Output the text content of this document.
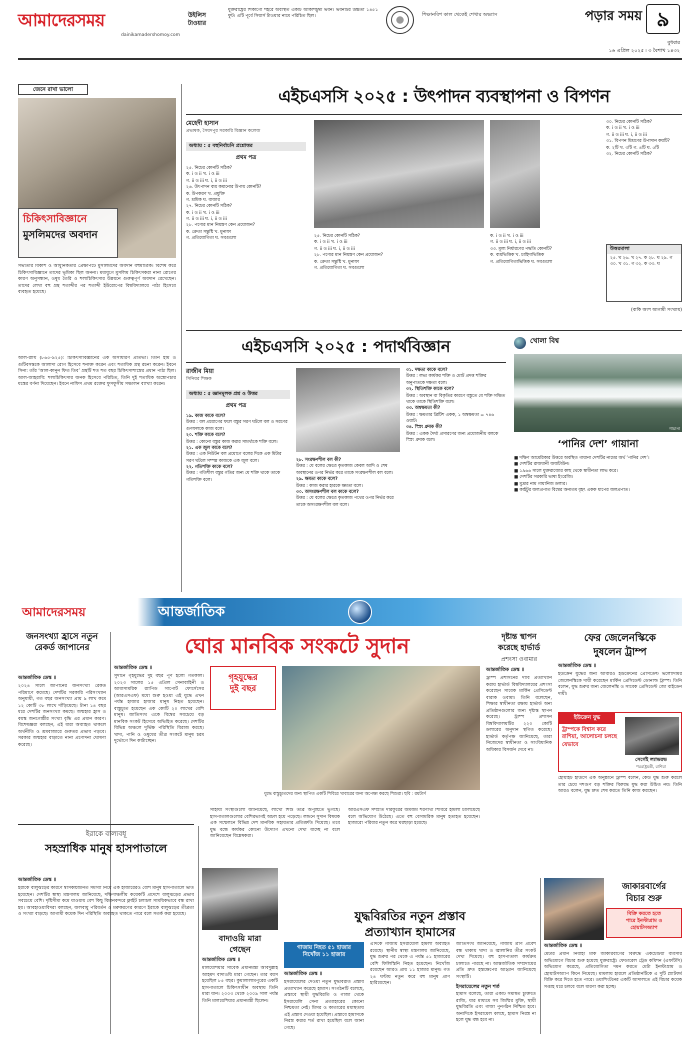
আমাদেরসময়
dainikamadershomoy.com
উইলিস টাওয়ার
যুক্তরাষ্ট্রের শিকাগো শহরে অবস্থিত একটি আকাশচুম্বী ভবন। ভবনটির উচ্চতা ১৪৫১ ফুট। এটি পূর্বে সিয়ার্স টাওয়ার নামে পরিচিত ছিল।	শিক্ষানবিশ কাল থেকেই শেখার অভ্যাস	পড়ার সময় ৯
বুধবার
১৬ এপ্রিল ২০২৫ ৷ ৩ বৈশাখ ১৪৩২
জেনে রাখা ভালো
চিকিৎসাবিজ্ঞানে
মুসলিমদের অবদান
সভ্যতার বিকাশ ও আধুনিকতার প্রেক্ষাপটে মুসলিমদের অবদান বহুমাত্রিক। বিশেষ করে চিকিৎসাবিজ্ঞানে তাদের ভূমিকা ছিল অনন্য। মধ্যযুগে মুসলিম চিকিৎসকরা নানা রোগের কারণ অনুসন্ধান, ওষুধ তৈরি ও শল্যচিকিৎসার উন্নয়নে গুরুত্বপূর্ণ অবদান রেখেছেন। তাদের লেখা বহু গ্রন্থ শতাব্দীর পর শতাব্দী ইউরোপের বিশ্ববিদ্যালয়ে পাঠ্য হিসেবে ব্যবহৃত হয়েছে।
আল-রাযি (৮৬৫-৯২৫): চিকিৎসাবিজ্ঞানের এক অসাধারণ প্রতিভা। তিনি হাম ও গুটিবসন্তকে আলাদা রোগ হিসেবে শনাক্ত করেন এবং শতাধিক গ্রন্থ রচনা করেন। ইবনে সিনা: তাঁর ‘আল-কানুন ফিত তিব’ গ্রন্থটি শত শত বছর চিকিৎসাশাস্ত্রের প্রধান পাঠ্য ছিল। আল-জাহরাবি: শল্যচিকিৎসার জনক হিসেবে পরিচিত, তিনি দুই শতাধিক অস্ত্রোপচার যন্ত্রের বর্ণনা দিয়েছেন। ইবনে নাফিস প্রথম রক্তের ফুসফুসীয় সঞ্চালন ব্যাখ্যা করেন।
এইচএসসি ২০২৫ : উৎপাদন ব্যবস্থাপনা ও বিপণন
মেহেদী হাসান
প্রভাষক, সৈয়দপুর সরকারি বিজ্ঞান কলেজ
অধ্যায় : ৫ বহুনির্বাচনি প্রশ্নোত্তর
প্রথম পত্র
২৫. নিচের কোনটি সঠিক?
ক. i ও ii খ. i ও iii
গ. ii ও iii ঘ. i, ii ও iii
২৬. উৎপাদন ব্যয় কমানোর উপায় কোনটি?
ক. উপকরণ খ. প্রযুক্তি
গ. শ্রমিক ঘ. বাজার
২৭. নিচের কোনটি সঠিক?
ক. i ও ii খ. i ও iii
গ. ii ও iii ঘ. i, ii ও iii
২৮. পণ্যের মান নিয়ন্ত্রণ কেন প্রয়োজন?
ক. ক্রেতা সন্তুষ্টি খ. মুনাফা
গ. প্রতিযোগিতা ঘ. সবগুলো	২৫. নিচের কোনটি সঠিক?
ক. i ও ii খ. i ও iii
গ. ii ও iii ঘ. i, ii ও iii
২৮. পণ্যের মান নিয়ন্ত্রণ কেন প্রয়োজন?
ক. ক্রেতা সন্তুষ্টি খ. মুনাফা
গ. প্রতিযোগিতা ঘ. সবগুলো
ক. i ও ii খ. i ও iii
গ. ii ও iii ঘ. i, ii ও iii
৩৩. মূল্য নির্ধারণের পদ্ধতি কোনটি?
ক. ব্যয়ভিত্তিক খ. চাহিদাভিত্তিক
গ. প্রতিযোগিতাভিত্তিক ঘ. সবগুলো
৩০. নিচের কোনটি সঠিক?
ক. i ও ii খ. i ও iii
গ. ii ও iii ঘ. i, ii ও iii
৩১. বিপণন মিশ্রণের উপাদান কয়টি?
ক. ২টি খ. ৩টি গ. ৪টি ঘ. ৫টি
৩২. নিচের কোনটি সঠিক?
উত্তরমালা
২৫. ঘ ২৬. খ ২৭. ক ২৮. ঘ ২৯. গ ৩০. খ ৩১. গ ৩২. ক ৩৩. ঘ
(বাকি অংশ আগামী সংখ্যায়)
এইচএসসি ২০২৫ : পদার্থবিজ্ঞান
রাজীব মিয়া
সিনিয়র শিক্ষক
অধ্যায় : ৫ জ্ঞানমূলক প্রশ্ন ও উত্তর
প্রথম পত্র
১৯. কাজ কাকে বলে?
উত্তর : বল প্রয়োগের ফলে বস্তুর সরণ ঘটলে বল ও সরণের গুণফলকে কাজ বলে।
২০. শক্তি কাকে বলে?
উত্তর : কোনো বস্তুর কাজ করার সামর্থ্যকে শক্তি বলে।
২১. এক জুল কাকে বলে?
উত্তর : এক নিউটন বল প্রয়োগে বলের দিকে এক মিটার সরণ ঘটলে সম্পন্ন কাজকে এক জুল বলে।
২২. গতিশক্তি কাকে বলে?
উত্তর : গতিশীল বস্তুর গতির জন্য যে শক্তি থাকে তাকে গতিশক্তি বলে।
২৮. সংরক্ষণশীল বল কী?
উত্তর : যে বলের ক্ষেত্রে কৃতকাজ কেবল আদি ও শেষ অবস্থানের ওপর নির্ভর করে তাকে সংরক্ষণশীল বল বলে।
২৯. ক্ষমতা কাকে বলে?
উত্তর : কাজ করার হারকে ক্ষমতা বলে।
৩০. অসংরক্ষণশীল বল কাকে বলে?
উত্তর : যে বলের ক্ষেত্রে কৃতকাজ পথের ওপর নির্ভর করে তাকে অসংরক্ষণশীল বল বলে।
৩১. দক্ষতা কাকে বলে?
উত্তর : লভ্য কার্যকর শক্তি ও মোট প্রদত্ত শক্তির অনুপাতকে দক্ষতা বলে।
৩২. স্থিতিশক্তি কাকে বলে?
উত্তর : অবস্থান বা বিকৃতির কারণে বস্তুতে যে শক্তি সঞ্চিত থাকে তাকে স্থিতিশক্তি বলে।
৩৩. অশ্বক্ষমতা কী?
উত্তর : ক্ষমতার ব্রিটিশ একক, ১ অশ্বক্ষমতা = ৭৪৬ ওয়াট।
৩৪. স্প্রিং ধ্রুবক কী?
উত্তর : একক দৈর্ঘ্য প্রসারণের জন্য প্রয়োজনীয় বলকে স্প্রিং ধ্রুবক বলে।
খোলা বিশ্ব
গায়ানা
‘পানির দেশ’ গায়ানা
■ দক্ষিণ আমেরিকার উত্তরে অবস্থিত গায়ানা দেশটির নামের অর্থ ‘পানির দেশ’।
■ দেশটির রাজধানী জর্জটাউন।
■ ১৯৬৬ সালে যুক্তরাজ্যের কাছ থেকে স্বাধীনতা লাভ করে।
■ দেশটির সরকারি ভাষা ইংরেজি।
■ মুদ্রার নাম গায়ানিজ ডলার।
■ কাইটুর জলপ্রপাত বিশ্বের অন্যতম বৃহৎ একক ধাপের জলপ্রপাত।
আমাদেরসময়	আন্তর্জাতিক
জনসংখ্যা হ্রাসে নতুন রেকর্ড জাপানের
আন্তর্জাতিক ডেস্ক ॥
২০২৪ সালে জাপানের জনসংখ্যা রেকর্ড পরিমাণে কমেছে। দেশটির সরকারি পরিসংখ্যান অনুযায়ী, গত বছর জনসংখ্যা প্রায় ৯ লাখ কমে ১২ কোটি ৩৮ লাখে দাঁড়িয়েছে। টানা ১৪ বছর ধরে দেশটির জনসংখ্যা কমছে। জন্মহার হ্রাস ও বয়স্ক জনগোষ্ঠীর সংখ্যা বৃদ্ধি এর প্রধান কারণ। বিশেষজ্ঞরা বলছেন, এই ধারা অব্যাহত থাকলে অর্থনীতি ও শ্রমবাজারে গুরুতর প্রভাব পড়বে। সরকার জন্মহার বাড়াতে নানা প্রণোদনা ঘোষণা করেছে।
ঘোর মানবিক সংকটে সুদান
আন্তর্জাতিক ডেস্ক ॥
সুদানে গৃহযুদ্ধের দুই বছর পূর্ণ হলো গতকাল। ২০২৩ সালের ১৫ এপ্রিল সেনাবাহিনী ও আধাসামরিক র‌্যাপিড সাপোর্ট ফোর্সেসের (আরএসএফ) মধ্যে শুরু হওয়া এই যুদ্ধে এখন পর্যন্ত হাজার হাজার মানুষ নিহত হয়েছেন। বাস্তুচ্যুত হয়েছেন এক কোটি ২০ লাখের বেশি মানুষ। জাতিসংঘ একে বিশ্বের সবচেয়ে বড় মানবিক সংকট হিসেবে অভিহিত করেছে। দেশটির বিভিন্ন অঞ্চলে দুর্ভিক্ষ পরিস্থিতি বিরাজ করছে। খাদ্য, পানি ও ওষুধের তীব্র সংকটে মানুষ চরম দুর্ভোগে দিন কাটাচ্ছেন।
গৃহযুদ্ধের
দুই বছর
যুদ্ধে বাস্তুচ্যুতদের জন্য স্থাপিত একটি শিবিরে খাবারের জন্য অপেক্ষা করছে শিশুরা। ছবি : রয়টার্স
সাহায্য সংস্থাগুলো জানিয়েছে, লাখো শিশু তীব্র অপুষ্টিতে ভুগছে। হাসপাতালগুলোর বেশিরভাগই অচল হয়ে পড়েছে। লন্ডনে সুদান বিষয়ক এক সম্মেলনে বিভিন্ন দেশ মানবিক সহায়তার প্রতিশ্রুতি দিয়েছে। তবে যুদ্ধ বন্ধে কার্যকর কোনো উদ্যোগ এখনো দেখা যাচ্ছে না বলে জানিয়েছেন বিশ্লেষকরা।
আরএসএফ সম্প্রতি দারফুরের জমজম শরণার্থী শিবিরে হামলা চালিয়েছে বলে অভিযোগ উঠেছে। এতে বহু বেসামরিক মানুষ হতাহত হয়েছেন। হাজারো পরিবার নতুন করে ঘরছাড়া হয়েছে।
দৃষ্টান্ত স্থাপন
করেছে হার্ভার্ড
প্রশংসা ওবামার
আন্তর্জাতিক ডেস্ক ॥
ট্রাম্প প্রশাসনের দাবি প্রত্যাখ্যান করায় হার্ভার্ড বিশ্ববিদ্যালয়ের প্রশংসা করেছেন সাবেক মার্কিন প্রেসিডেন্ট বারাক ওবামা। তিনি বলেছেন, শিক্ষার স্বাধীনতা রক্ষায় হার্ভার্ড অন্য প্রতিষ্ঠানগুলোর জন্য দৃষ্টান্ত স্থাপন করেছে। ট্রাম্প প্রশাসন বিশ্ববিদ্যালয়টির ২২০ কোটি ডলারের অনুদান স্থগিত করেছে। হার্ভার্ড কর্তৃপক্ষ জানিয়েছে, তারা নিজেদের স্বাধীনতা ও সাংবিধানিক অধিকার বিসর্জন দেবে না।
ফের জেলেনস্কিকে
দুষলেন ট্রাম্প
আন্তর্জাতিক ডেস্ক ॥
ইউক্রেন যুদ্ধের জন্য আবারও ইউক্রেনের প্রেসিডেন্ট ভলোদিমির জেলেনস্কিকে দায়ী করেছেন মার্কিন প্রেসিডেন্ট ডোনাল্ড ট্রাম্প। তিনি বলেন, যুদ্ধ শুরুর জন্য জেলেনস্কি ও সাবেক প্রেসিডেন্ট জো বাইডেন দায়ী।
ইউক্রেন যুদ্ধ
ট্রাম্পকে বিশ্বাস করে রাশিয়া, আলোচনা চলছে যেভাবে
সের্গেই ল্যাভরভ
পররাষ্ট্রমন্ত্রী, রাশিয়া
হোয়াইট হাউসে এক অনুষ্ঠানে ট্রাম্প বলেন, কেউ যুদ্ধ শুরু করলে তার চেয়ে দশগুণ বড় শক্তির বিরুদ্ধে যুদ্ধ করা উচিত নয়। তিনি আরও বলেন, যুদ্ধ দ্রুত শেষ করতে তিনি কাজ করছেন।
ইরাকে বাল্যবধূ
সহস্রাধিক মানুষ হাসপাতালে
আন্তর্জাতিক ডেস্ক ॥
ইরাকে বালুঝড়ের কারণে শ্বাসকষ্টজনিত সমস্যা নিয়ে এক হাজারেরও বেশি মানুষ হাসপাতালে ভর্তি হয়েছেন। দেশটির স্বাস্থ্য মন্ত্রণালয় জানিয়েছে, দক্ষিণাঞ্চলীয় কয়েকটি প্রদেশে বালুঝড়ের প্রভাব সবচেয়ে বেশি। দৃষ্টিসীমা কমে যাওয়ায় বেশ কিছু বিমানবন্দরে ফ্লাইট চলাচল সাময়িকভাবে বন্ধ রাখা হয়। আবহাওয়াবিদরা বলছেন, জলবায়ু পরিবর্তন ও মরুকরণের কারণে ইরাকে বালুঝড়ের তীব্রতা ও সংখ্যা বাড়ছে। আগামী কয়েক দিন পরিস্থিতি অব্যাহত থাকতে পারে বলে সতর্ক করা হয়েছে।
বাদাওয়ি মারা
গেছেন
আন্তর্জাতিক ডেস্ক ॥
মালয়েশিয়ার সাবেক প্রধানমন্ত্রী আবদুল্লাহ আহমদ বাদাওয়ি মারা গেছেন। তার বয়স হয়েছিল ৮৫ বছর। কুয়ালালামপুরের একটি হাসপাতালে চিকিৎসাধীন অবস্থায় তিনি মারা যান। ২০০৩ থেকে ২০০৯ সাল পর্যন্ত তিনি মালয়েশিয়ার প্রধানমন্ত্রী ছিলেন।
যুদ্ধবিরতির নতুন প্রস্তাব
প্রত্যাখ্যান হামাসের
গাজায় নিহত ৫১ হাজার
নিখোঁজ ১১ হাজার
আন্তর্জাতিক ডেস্ক ॥
ইসরায়েলের দেওয়া নতুন যুদ্ধবিরতি প্রস্তাব প্রত্যাখ্যান করেছে হামাস। সংগঠনটি বলেছে, প্রস্তাবে স্থায়ী যুদ্ধবিরতি ও গাজা থেকে ইসরায়েলি সেনা প্রত্যাহারের কোনো নিশ্চয়তা নেই। মিসর ও কাতারের মধ্যস্থতায় এই প্রস্তাব দেওয়া হয়েছিল। প্রস্তাবে হামাসকে নিরস্ত্র করার শর্ত রাখা হয়েছিল বলে জানা গেছে।
এদিকে গাজায় ইসরায়েলি হামলা অব্যাহত রয়েছে। স্থানীয় স্বাস্থ্য মন্ত্রণালয় জানিয়েছে, যুদ্ধ শুরুর পর থেকে এ পর্যন্ত ৫১ হাজারের বেশি ফিলিস্তিনি নিহত হয়েছেন। নিখোঁজ রয়েছেন আরও প্রায় ১১ হাজার মানুষ। গত ২৪ ঘণ্টায় নতুন করে বহু মানুষ প্রাণ হারিয়েছেন।
জাতিসংঘ জানিয়েছে, গাজায় ত্রাণ প্রবেশ বন্ধ থাকায় খাদ্য ও জ্বালানির তীব্র সংকট দেখা দিয়েছে। বহু হাসপাতাল কার্যক্রম চালাতে পারছে না। আন্তর্জাতিক সম্প্রদায়ের প্রতি দ্রুত হস্তক্ষেপের আহ্বান জানিয়েছে সংস্থাটি।
ইসরায়েলের নতুন শর্ত
হামাস বলেছে, তারা একটি সমন্বিত চুক্তিতে রাজি, যার মাধ্যমে সব জিম্মির মুক্তি, স্থায়ী যুদ্ধবিরতি এবং গাজা পুনর্গঠন নিশ্চিত হবে। অন্যদিকে ইসরায়েল বলছে, হামাস নিরস্ত্র না হলে যুদ্ধ বন্ধ হবে না।
জাকারবার্গের
বিচার শুরু
বিক্রি করতে হতে
পারে ইনস্টাগ্রাম ও
হোয়াটসঅ্যাপ
আন্তর্জাতিক ডেস্ক ॥
মেটার প্রধান নির্বাহী মার্ক জাকারবার্গের বিরুদ্ধে একচেটিয়া ব্যবসার অভিযোগে বিচার শুরু হয়েছে যুক্তরাষ্ট্রে। ফেডারেল ট্রেড কমিশন (এফটিসি) অভিযোগ করেছে, প্রতিযোগিতা দমন করতে মেটা ইনস্টাগ্রাম ও হোয়াটসঅ্যাপ কিনে নিয়েছে। মামলায় হারলে প্রতিষ্ঠানটিকে এ দুটি প্ল্যাটফর্ম বিক্রি করে দিতে হতে পারে। ওয়াশিংটনের একটি আদালতে এই বিচার কয়েক সপ্তাহ ধরে চলবে বলে ধারণা করা হচ্ছে।
